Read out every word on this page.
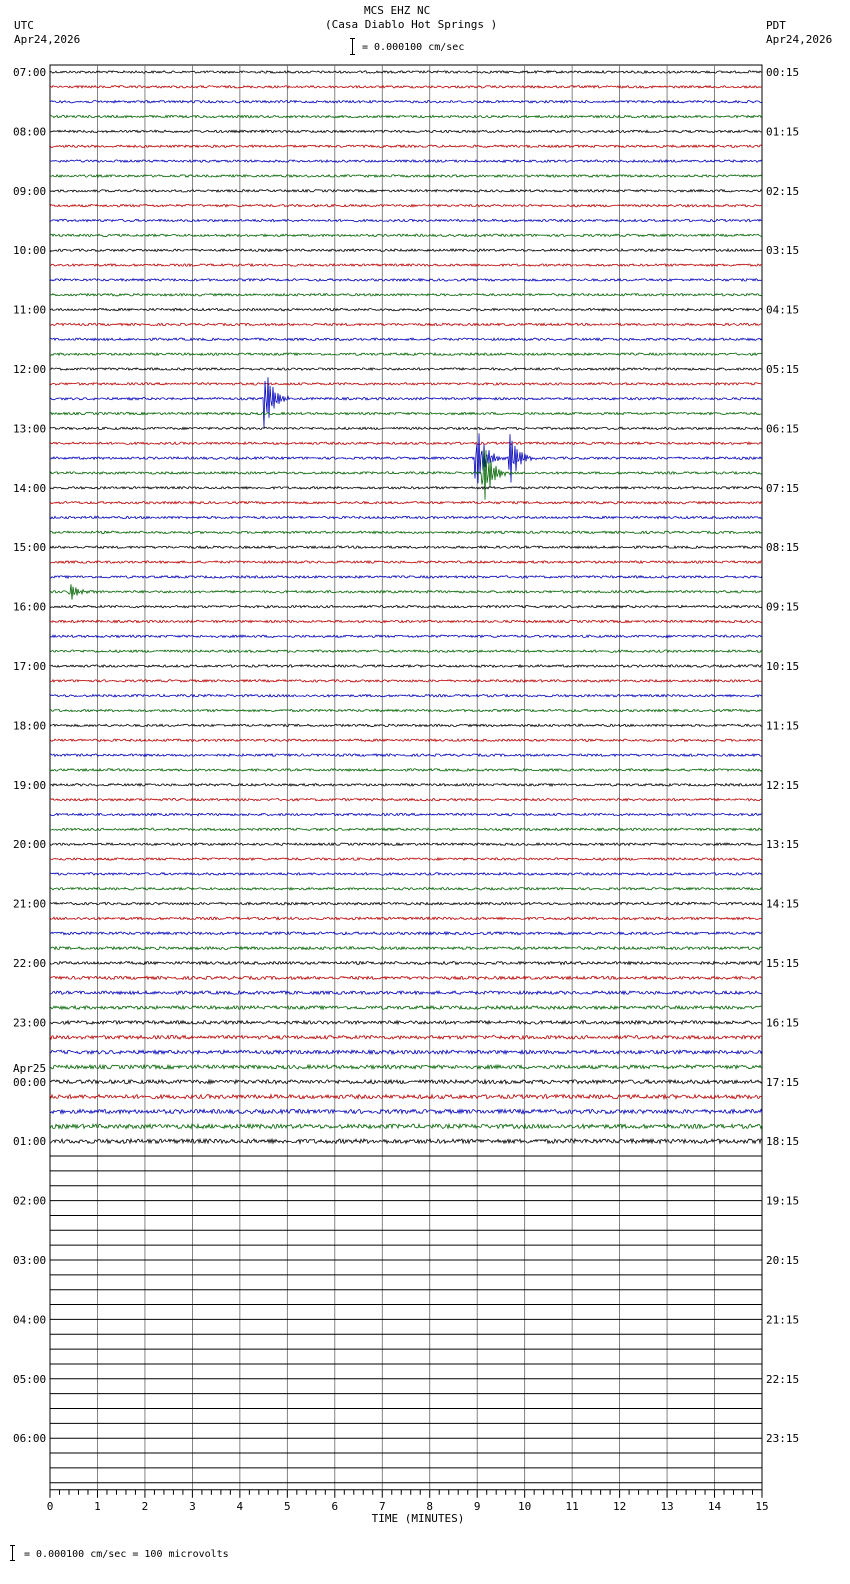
MCS EHZ NC
(Casa Diablo Hot Springs )
= 0.000100 cm/sec
UTC
Apr24,2026
PDT
Apr24,2026
07:00	00:15
08:00	01:15
09:00	02:15
10:00	03:15
11:00	04:15
12:00	05:15
13:00	06:15
14:00	07:15
15:00	08:15
16:00	09:15
17:00	10:15
18:00	11:15
19:00	12:15
20:00	13:15
21:00	14:15
22:00	15:15
23:00	16:15
00:00	17:15
Apr25
01:00	18:15
02:00	19:15
03:00	20:15
04:00	21:15
05:00	22:15
06:00	23:15
0	1	2	3	4	5	6	7	8	9	10	11	12	13	14	15
TIME (MINUTES)
= 0.000100 cm/sec = 100 microvolts
